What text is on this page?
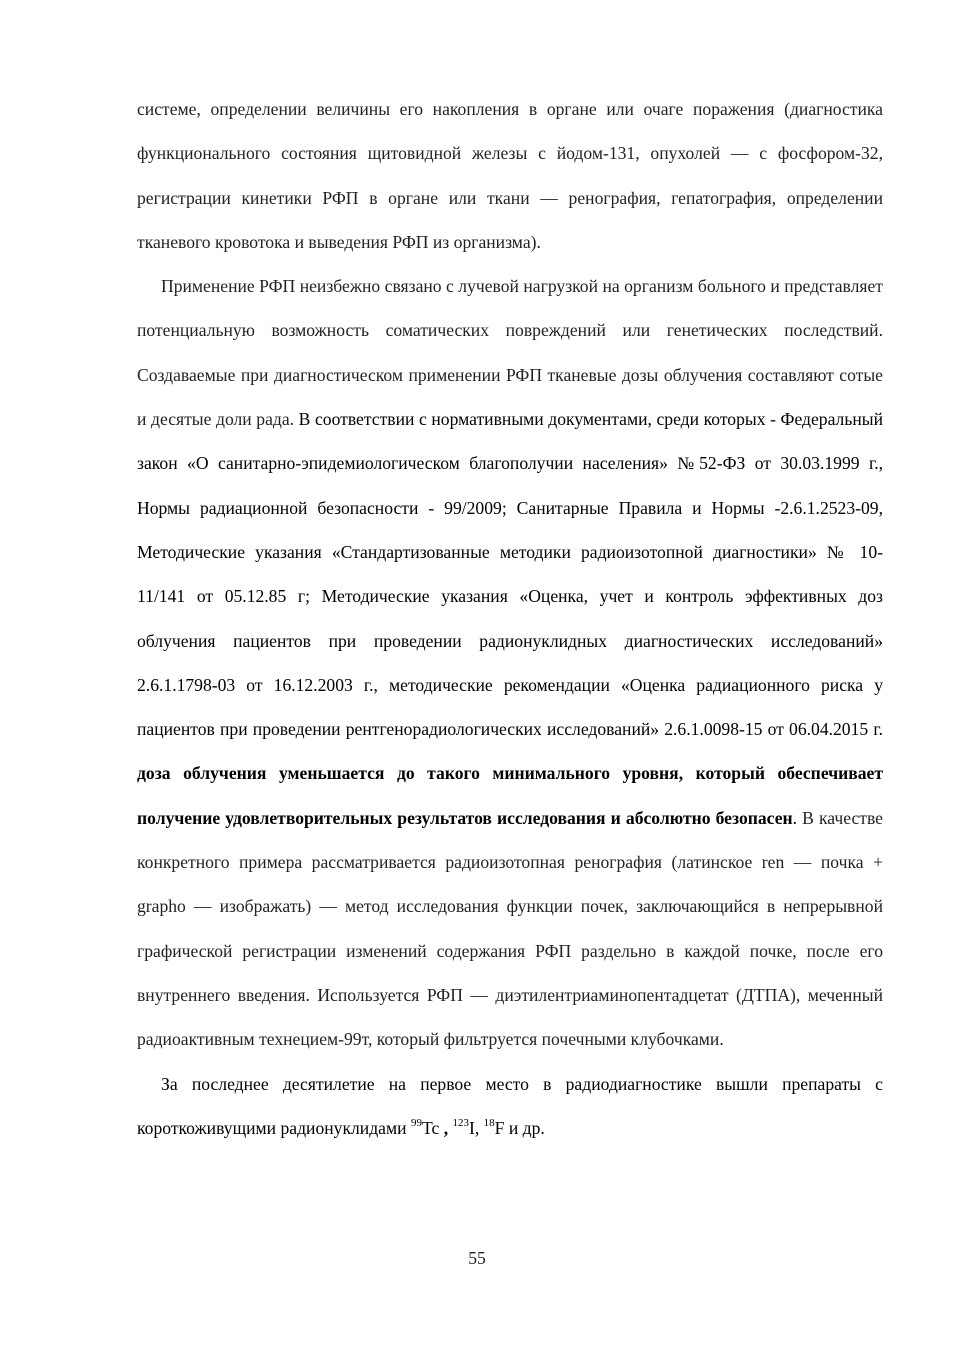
системе, определении величины его накопления в органе или очаге поражения (диагностика функционального состояния щитовидной железы с йодом-131, опухолей — с фосфором-32, регистрации кинетики РФП в органе или ткани — ренография, гепатография, определении тканевого кровотока и выведения РФП из организма).

Применение РФП неизбежно связано с лучевой нагрузкой на организм больного и представляет потенциальную возможность соматических повреждений или генетических последствий. Создаваемые при диагностическом применении РФП тканевые дозы облучения составляют сотые и десятые доли рада. В соответствии с нормативными документами, среди которых - Федеральный закон «О санитарно-эпидемиологическом благополучии населения» №52-ФЗ от 30.03.1999 г., Нормы радиационной безопасности - 99/2009; Санитарные Правила и Нормы -2.6.1.2523-09, Методические указания «Стандартизованные методики радиоизотопной диагностики» № 10-11/141 от 05.12.85 г; Методические указания «Оценка, учет и контроль эффективных доз облучения пациентов при проведении радионуклидных диагностических исследований» 2.6.1.1798-03 от 16.12.2003 г., методические рекомендации «Оценка радиационного риска у пациентов при проведении рентгенорадиологических исследований» 2.6.1.0098-15 от 06.04.2015 г. доза облучения уменьшается до такого минимального уровня, который обеспечивает получение удовлетворительных результатов исследования и абсолютно безопасен. В качестве конкретного примера рассматривается радиоизотопная ренография (латинское ren — почка + grapho — изображать) — метод исследования функции почек, заключающийся в непрерывной графической регистрации изменений содержания РФП раздельно в каждой почке, после его внутреннего введения. Используется РФП — диэтилентриаминопентадцетат (ДТПА), меченный радиоактивным технецием-99т, который фильтруется почечными клубочками.

За последнее десятилетие на первое место в радиодиагностике вышли препараты с короткоживущими радионуклидами $^{99}$Tc , $^{123}$I, $^{18}$F и др.

55
